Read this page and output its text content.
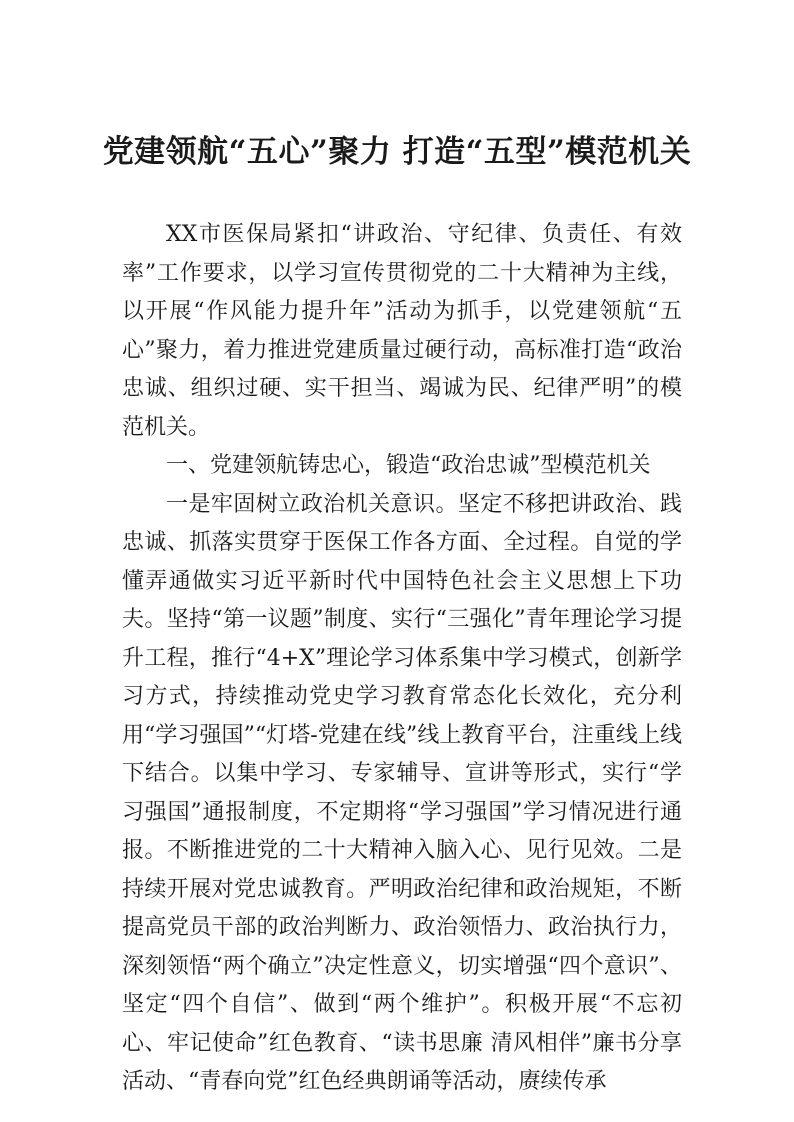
党建领航“五心”聚力 打造“五型”模范机关

XX市医保局紧扣“讲政治、守纪律、负责任、有效率”工作要求，以学习宣传贯彻党的二十大精神为主线，以开展“作风能力提升年”活动为抓手，以党建领航“五心”聚力，着力推进党建质量过硬行动，高标准打造“政治忠诚、组织过硬、实干担当、竭诚为民、纪律严明”的模范机关。

一、党建领航铸忠心，锻造“政治忠诚”型模范机关

一是牢固树立政治机关意识。坚定不移把讲政治、践忠诚、抓落实贯穿于医保工作各方面、全过程。自觉的学懂弄通做实习近平新时代中国特色社会主义思想上下功夫。坚持“第一议题”制度、实行“三强化”青年理论学习提升工程，推行“4+X”理论学习体系集中学习模式，创新学习方式，持续推动党史学习教育常态化长效化，充分利用“学习强国”“灯塔-党建在线”线上教育平台，注重线上线下结合。以集中学习、专家辅导、宣讲等形式，实行“学习强国”通报制度，不定期将“学习强国”学习情况进行通报。不断推进党的二十大精神入脑入心、见行见效。二是持续开展对党忠诚教育。严明政治纪律和政治规矩，不断提高党员干部的政治判断力、政治领悟力、政治执行力，深刻领悟“两个确立”决定性意义，切实增强“四个意识”、坚定“四个自信”、做到“两个维护”。积极开展“不忘初心、牢记使命”红色教育、“读书思廉 清风相伴”廉书分享活动、“青春向党”红色经典朗诵等活动，赓续传承
